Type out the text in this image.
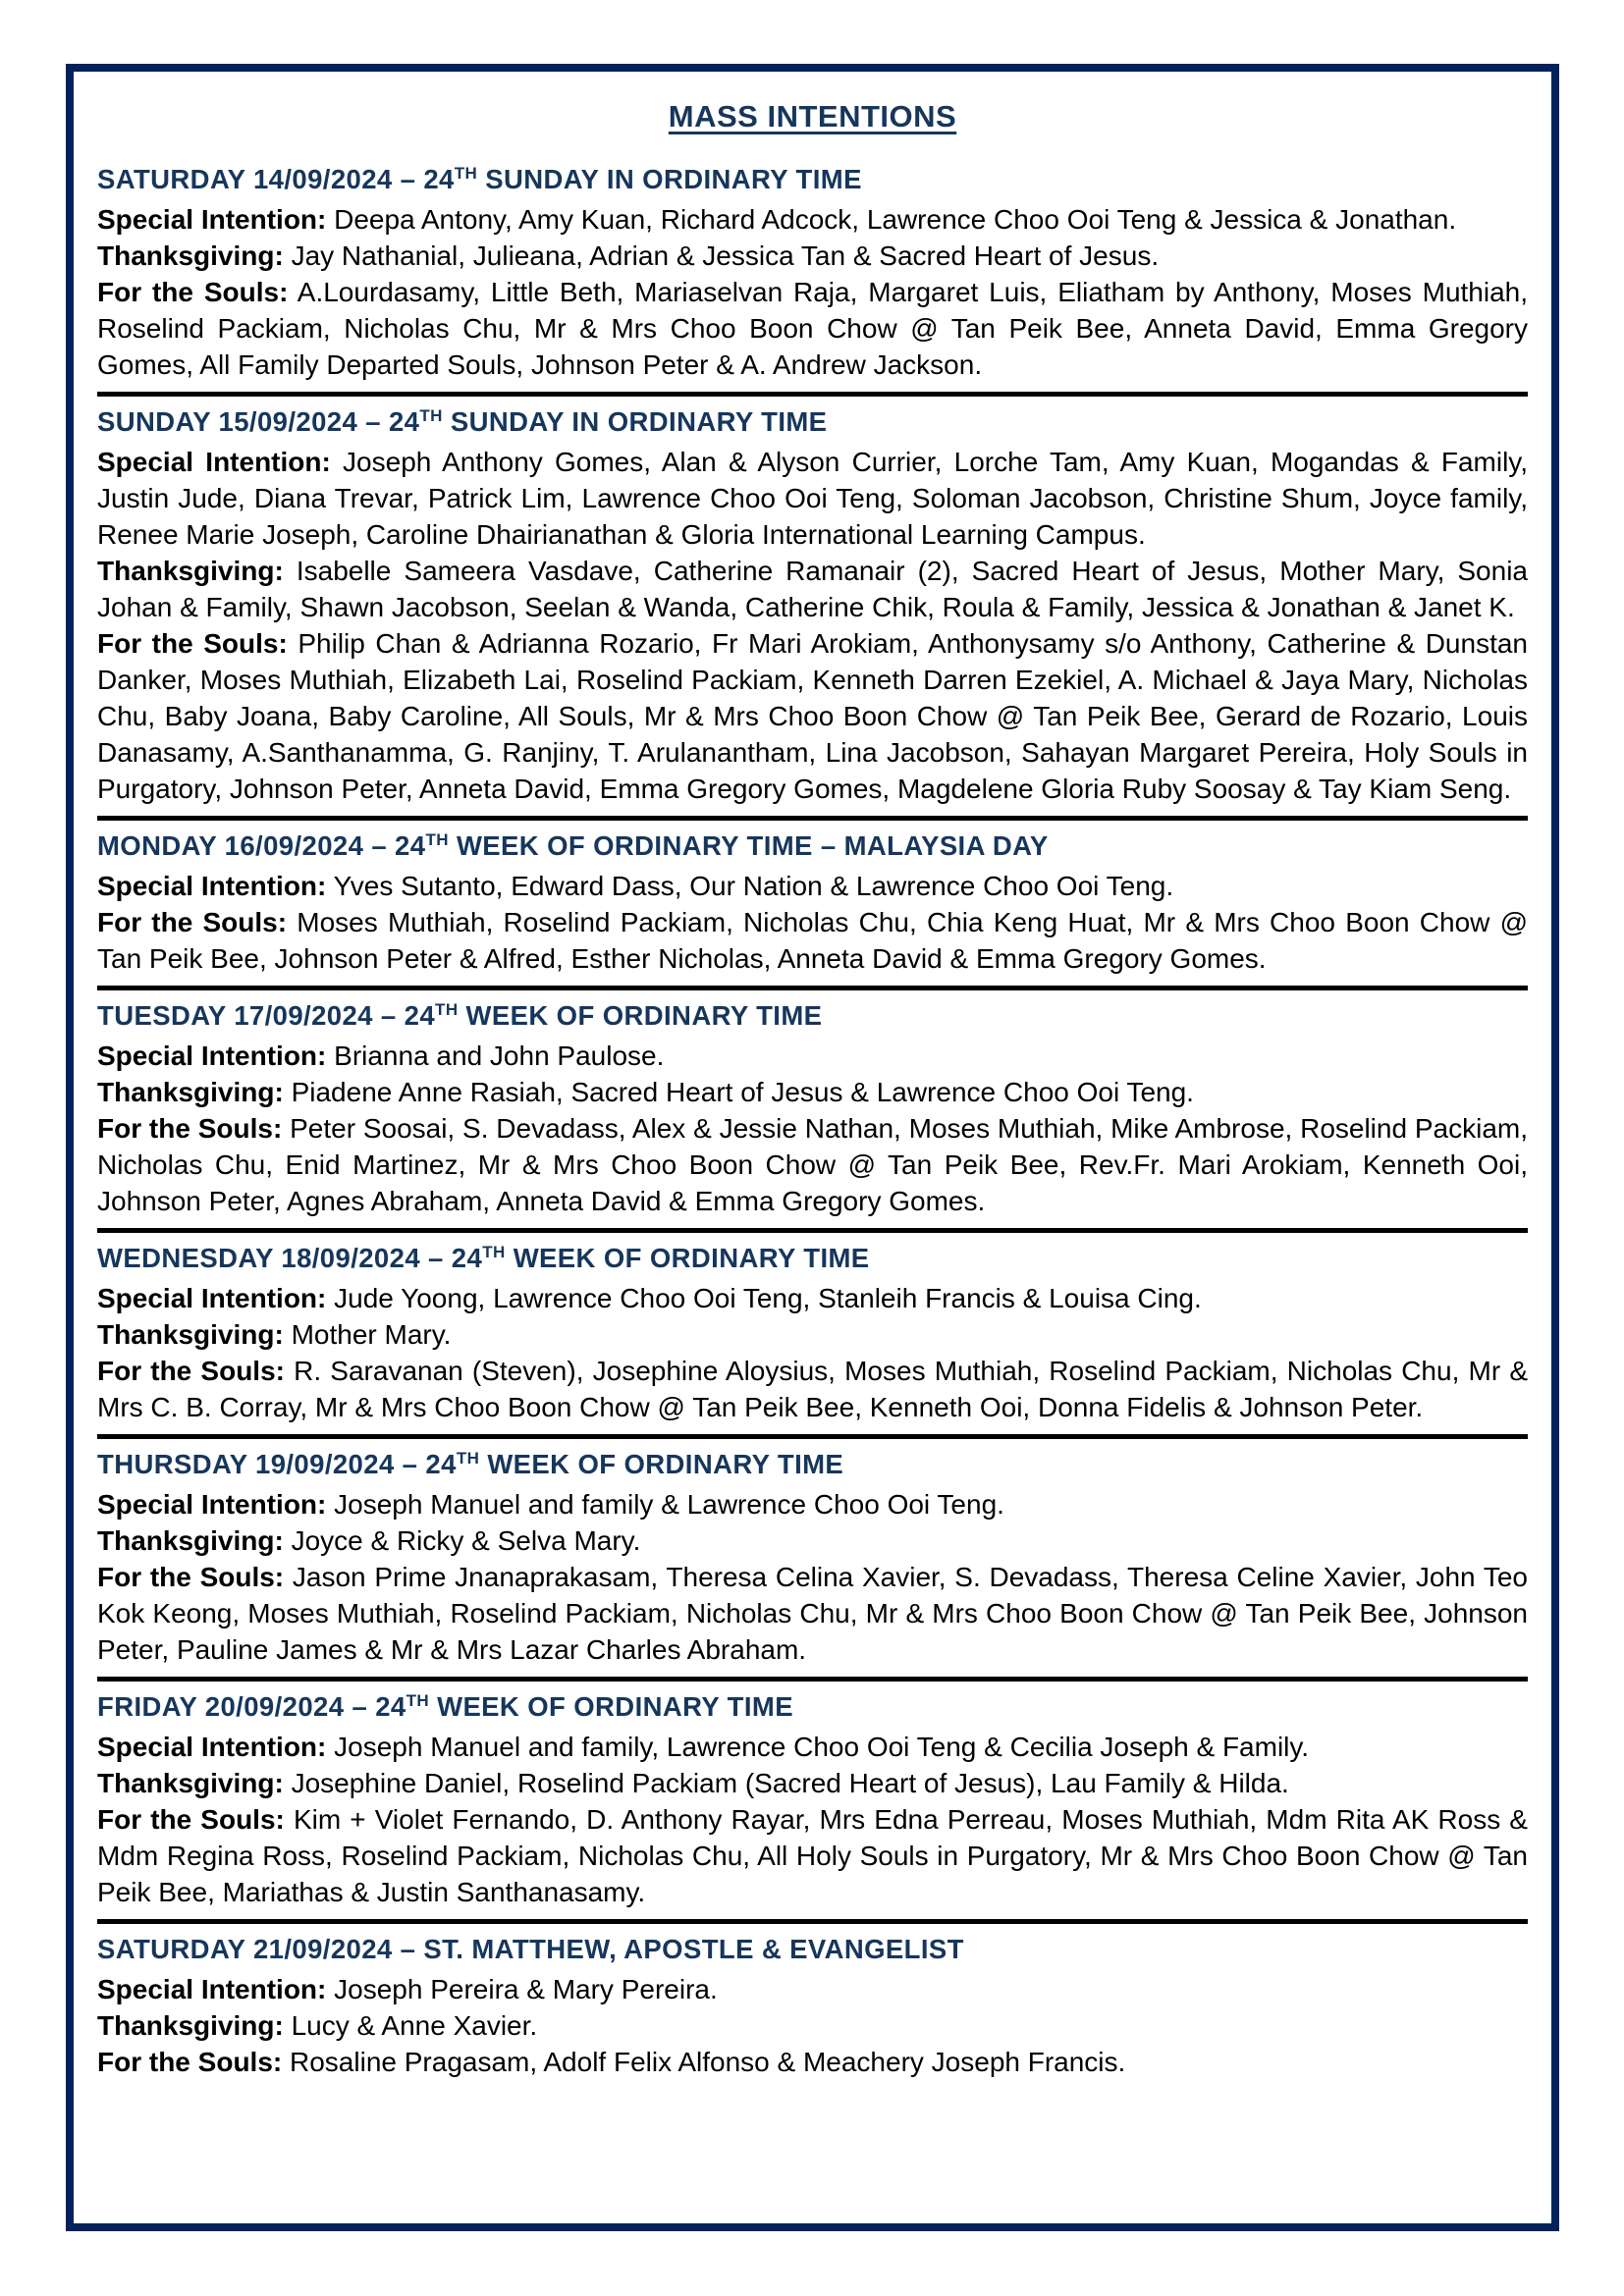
MASS INTENTIONS
SATURDAY 14/09/2024 – 24TH SUNDAY IN ORDINARY TIME

Special Intention: Deepa Antony, Amy Kuan, Richard Adcock, Lawrence Choo Ooi Teng & Jessica & Jonathan.

Thanksgiving: Jay Nathanial, Julieana, Adrian & Jessica Tan & Sacred Heart of Jesus.

For the Souls: A.Lourdasamy, Little Beth, Mariaselvan Raja, Margaret Luis, Eliatham by Anthony, Moses Muthiah, Roselind Packiam, Nicholas Chu, Mr & Mrs Choo Boon Chow @ Tan Peik Bee, Anneta David, Emma Gregory Gomes, All Family Departed Souls, Johnson Peter & A. Andrew Jackson.

SUNDAY 15/09/2024 – 24TH SUNDAY IN ORDINARY TIME

Special Intention: Joseph Anthony Gomes, Alan & Alyson Currier, Lorche Tam, Amy Kuan, Mogandas & Family, Justin Jude, Diana Trevar, Patrick Lim, Lawrence Choo Ooi Teng, Soloman Jacobson, Christine Shum, Joyce family, Renee Marie Joseph, Caroline Dhairianathan & Gloria International Learning Campus.

Thanksgiving: Isabelle Sameera Vasdave, Catherine Ramanair (2), Sacred Heart of Jesus, Mother Mary, Sonia Johan & Family, Shawn Jacobson, Seelan & Wanda, Catherine Chik, Roula & Family, Jessica & Jonathan & Janet K.

For the Souls: Philip Chan & Adrianna Rozario, Fr Mari Arokiam, Anthonysamy s/o Anthony, Catherine & Dunstan Danker, Moses Muthiah, Elizabeth Lai, Roselind Packiam, Kenneth Darren Ezekiel, A. Michael & Jaya Mary, Nicholas Chu, Baby Joana, Baby Caroline, All Souls, Mr & Mrs Choo Boon Chow @ Tan Peik Bee, Gerard de Rozario, Louis Danasamy, A.Santhanamma, G. Ranjiny, T. Arulanantham, Lina Jacobson, Sahayan Margaret Pereira, Holy Souls in Purgatory, Johnson Peter, Anneta David, Emma Gregory Gomes, Magdelene Gloria Ruby Soosay & Tay Kiam Seng.

MONDAY 16/09/2024 – 24TH WEEK OF ORDINARY TIME – MALAYSIA DAY

Special Intention: Yves Sutanto, Edward Dass, Our Nation & Lawrence Choo Ooi Teng.

For the Souls: Moses Muthiah, Roselind Packiam, Nicholas Chu, Chia Keng Huat, Mr & Mrs Choo Boon Chow @ Tan Peik Bee, Johnson Peter & Alfred, Esther Nicholas, Anneta David & Emma Gregory Gomes.

TUESDAY 17/09/2024 – 24TH WEEK OF ORDINARY TIME

Special Intention: Brianna and John Paulose.

Thanksgiving: Piadene Anne Rasiah, Sacred Heart of Jesus & Lawrence Choo Ooi Teng.

For the Souls: Peter Soosai, S. Devadass, Alex & Jessie Nathan, Moses Muthiah, Mike Ambrose, Roselind Packiam, Nicholas Chu, Enid Martinez, Mr & Mrs Choo Boon Chow @ Tan Peik Bee, Rev.Fr. Mari Arokiam, Kenneth Ooi, Johnson Peter, Agnes Abraham, Anneta David & Emma Gregory Gomes.

WEDNESDAY 18/09/2024 – 24TH WEEK OF ORDINARY TIME

Special Intention: Jude Yoong, Lawrence Choo Ooi Teng, Stanleih Francis & Louisa Cing.

Thanksgiving: Mother Mary.

For the Souls: R. Saravanan (Steven), Josephine Aloysius, Moses Muthiah, Roselind Packiam, Nicholas Chu, Mr & Mrs C. B. Corray, Mr & Mrs Choo Boon Chow @ Tan Peik Bee, Kenneth Ooi, Donna Fidelis & Johnson Peter.

THURSDAY 19/09/2024 – 24TH WEEK OF ORDINARY TIME

Special Intention: Joseph Manuel and family & Lawrence Choo Ooi Teng.

Thanksgiving: Joyce & Ricky & Selva Mary.

For the Souls: Jason Prime Jnanaprakasam, Theresa Celina Xavier, S. Devadass, Theresa Celine Xavier, John Teo Kok Keong, Moses Muthiah, Roselind Packiam, Nicholas Chu, Mr & Mrs Choo Boon Chow @ Tan Peik Bee, Johnson Peter, Pauline James & Mr & Mrs Lazar Charles Abraham.

FRIDAY 20/09/2024 – 24TH WEEK OF ORDINARY TIME

Special Intention: Joseph Manuel and family, Lawrence Choo Ooi Teng & Cecilia Joseph & Family.

Thanksgiving: Josephine Daniel, Roselind Packiam (Sacred Heart of Jesus), Lau Family & Hilda.

For the Souls: Kim + Violet Fernando, D. Anthony Rayar, Mrs Edna Perreau, Moses Muthiah, Mdm Rita AK Ross & Mdm Regina Ross, Roselind Packiam, Nicholas Chu, All Holy Souls in Purgatory, Mr & Mrs Choo Boon Chow @ Tan Peik Bee, Mariathas & Justin Santhanasamy.

SATURDAY 21/09/2024 – ST. MATTHEW, APOSTLE & EVANGELIST

Special Intention: Joseph Pereira & Mary Pereira.

Thanksgiving: Lucy & Anne Xavier.

For the Souls: Rosaline Pragasam, Adolf Felix Alfonso & Meachery Joseph Francis.
